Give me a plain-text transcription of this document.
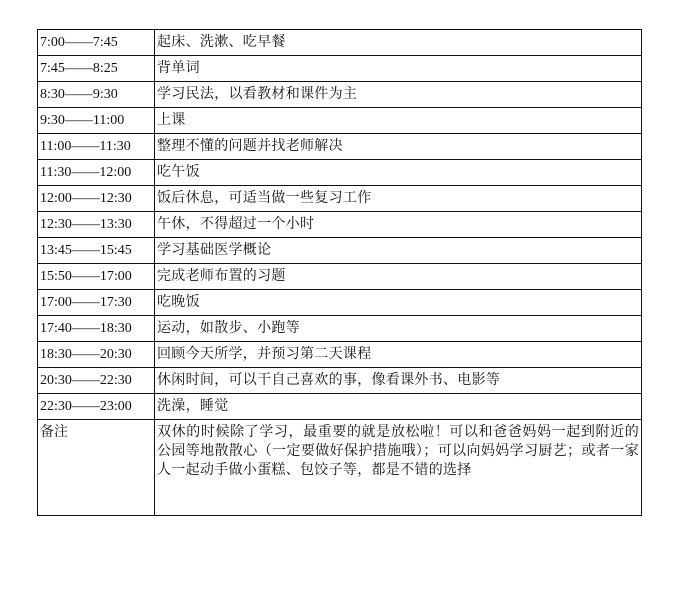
7:00——7:45	起床、洗漱、吃早餐
7:45——8:25	背单词
8:30——9:30	学习民法，以看教材和课件为主
9:30——11:00	上课
11:00——11:30	整理不懂的问题并找老师解决
11:30——12:00	吃午饭
12:00——12:30	饭后休息，可适当做一些复习工作
12:30——13:30	午休，不得超过一个小时
13:45——15:45	学习基础医学概论
15:50——17:00	完成老师布置的习题
17:00——17:30	吃晚饭
17:40——18:30	运动，如散步、小跑等
18:30——20:30	回顾今天所学，并预习第二天课程
20:30——22:30	休闲时间，可以干自己喜欢的事，像看课外书、电影等
22:30——23:00	洗澡，睡觉
备注	双休的时候除了学习，最重要的就是放松啦！可以和爸爸妈妈一起到附近的公园等地散散心（一定要做好保护措施哦）；可以向妈妈学习厨艺；或者一家人一起动手做小蛋糕、包饺子等，都是不错的选择
